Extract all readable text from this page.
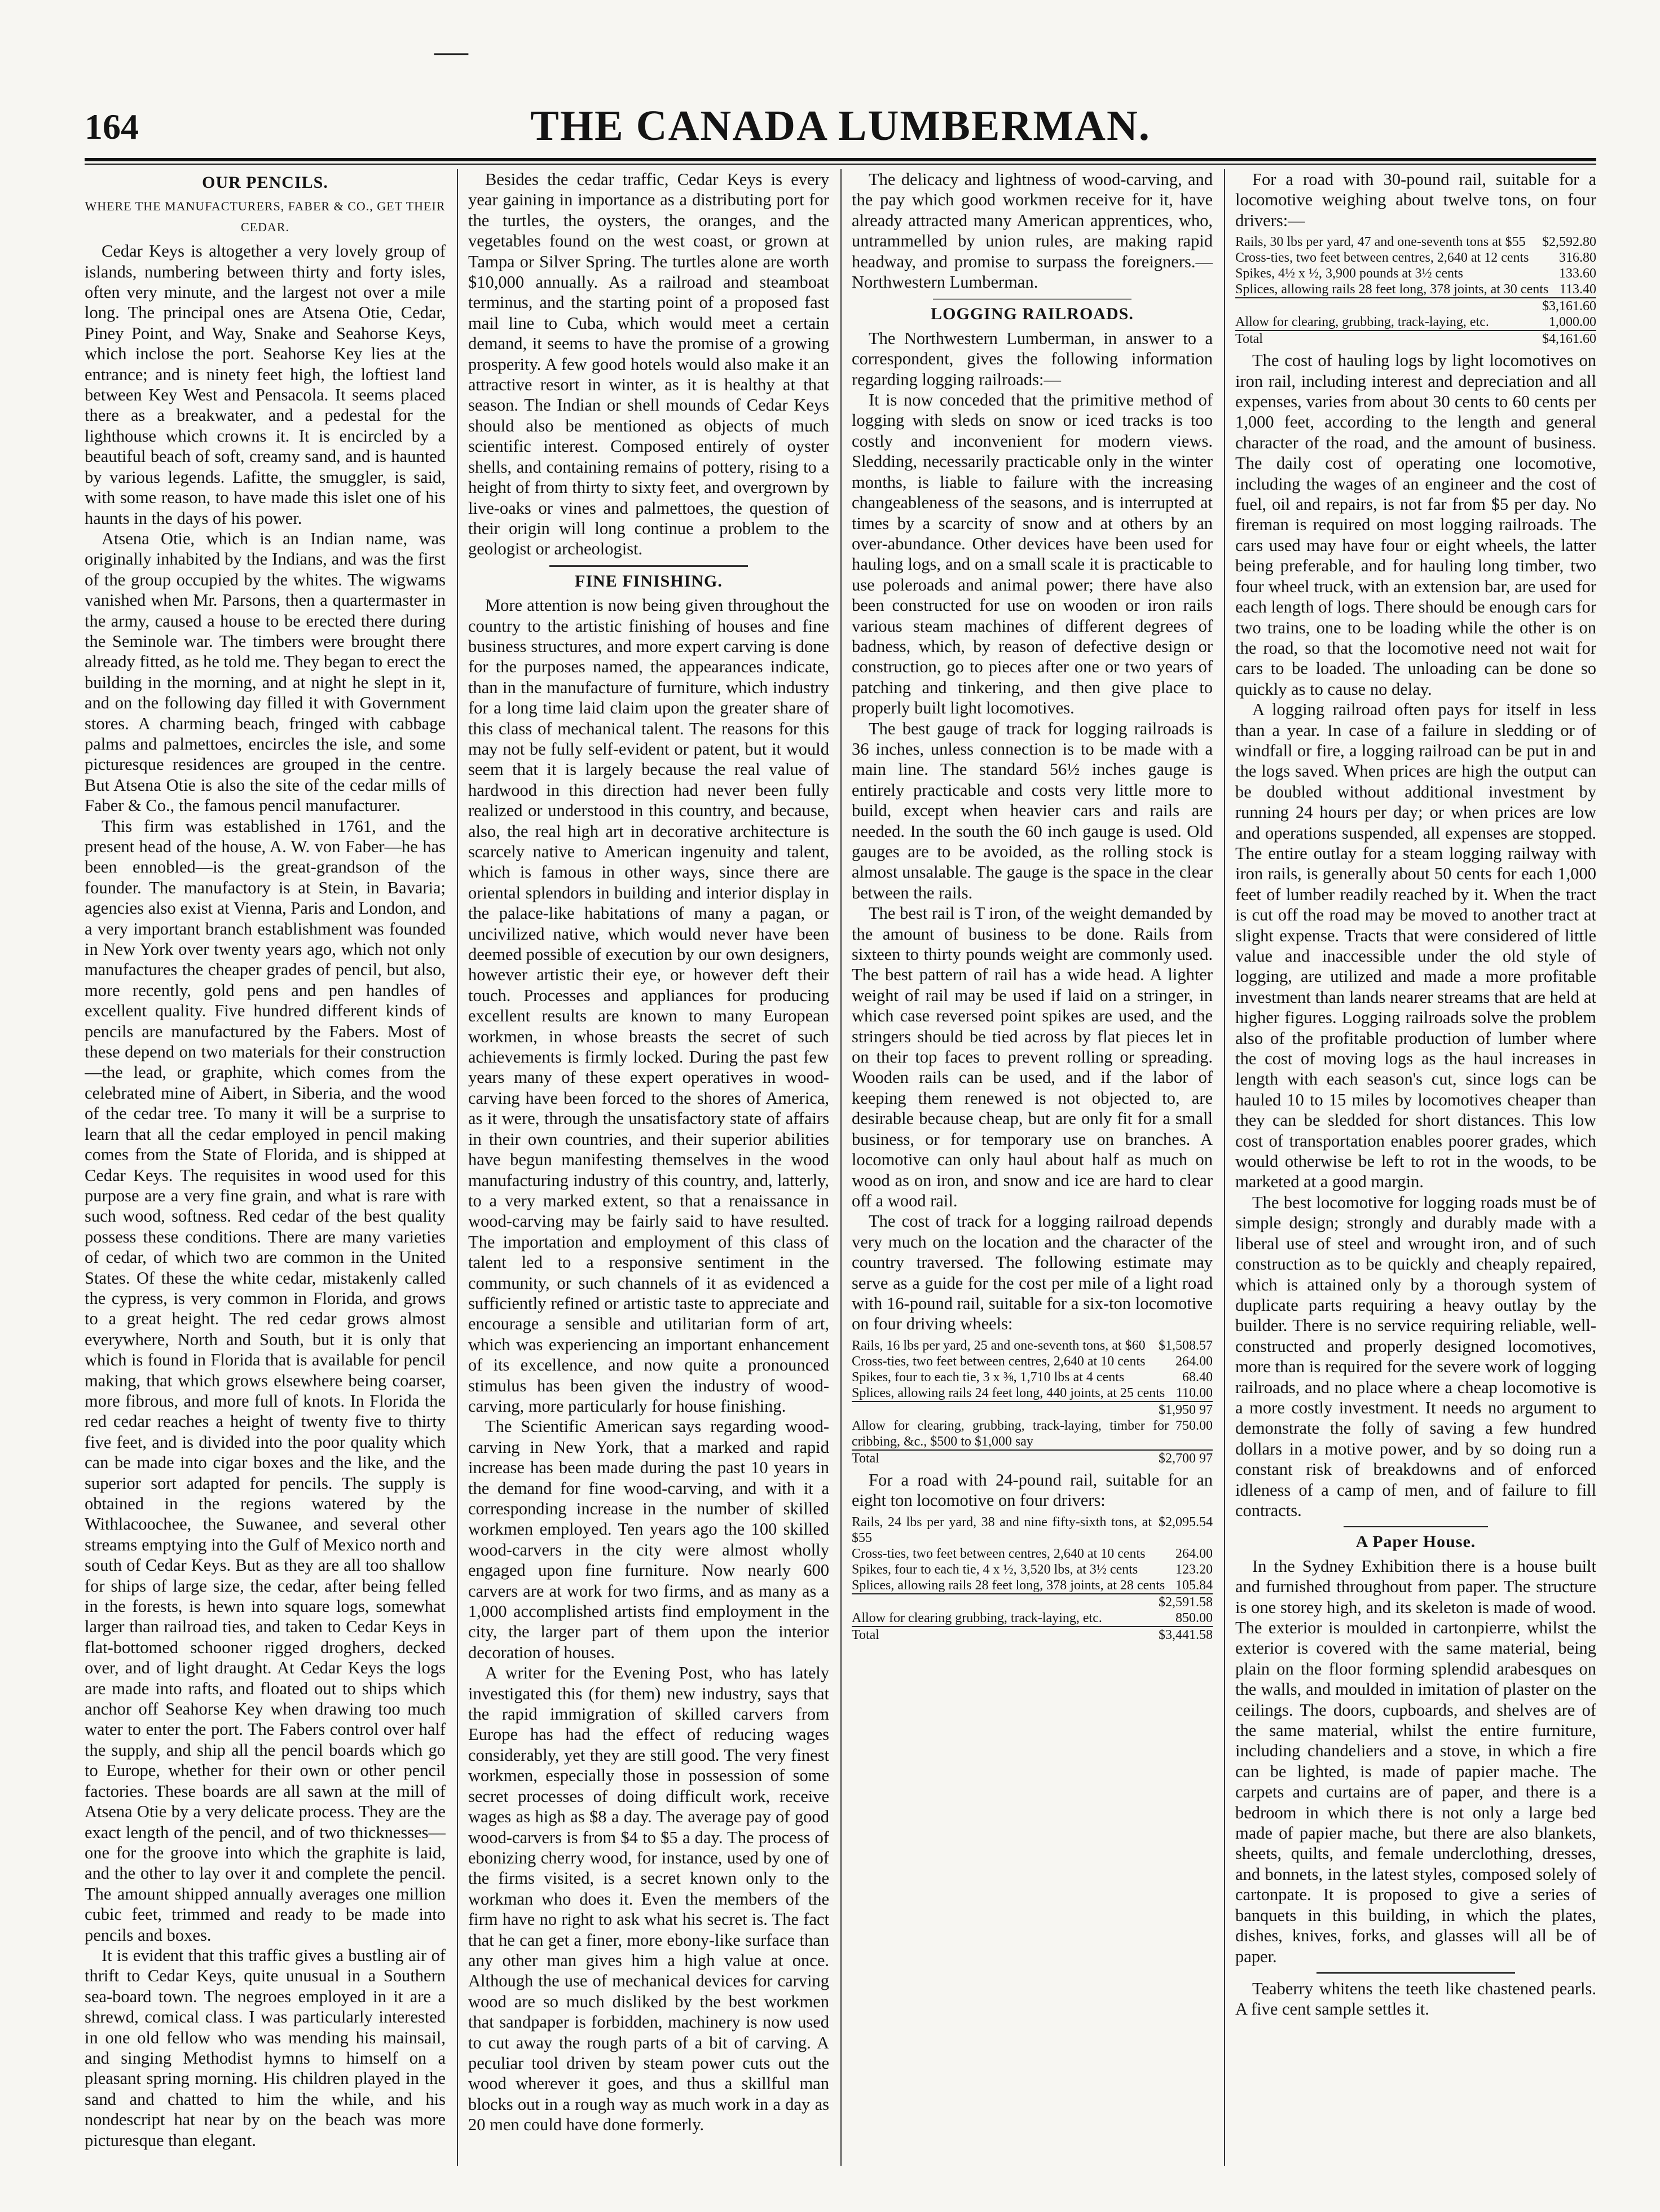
—
164	THE CANADA LUMBERMAN.
OUR PENCILS.

WHERE THE MANUFACTURERS, FABER & CO., GET THEIR CEDAR.

Cedar Keys is altogether a very lovely group of islands, numbering between thirty and forty isles, often very minute, and the largest not over a mile long. The principal ones are Atsena Otie, Cedar, Piney Point, and Way, Snake and Seahorse Keys, which inclose the port. Seahorse Key lies at the entrance; and is ninety feet high, the loftiest land between Key West and Pensacola. It seems placed there as a breakwater, and a pedestal for the lighthouse which crowns it. It is encircled by a beautiful beach of soft, creamy sand, and is haunted by various legends. Lafitte, the smuggler, is said, with some reason, to have made this islet one of his haunts in the days of his power.

Atsena Otie, which is an Indian name, was originally inhabited by the Indians, and was the first of the group occupied by the whites. The wigwams vanished when Mr. Parsons, then a quartermaster in the army, caused a house to be erected there during the Seminole war. The timbers were brought there already fitted, as he told me. They began to erect the building in the morning, and at night he slept in it, and on the following day filled it with Government stores. A charming beach, fringed with cabbage palms and palmettoes, encircles the isle, and some picturesque residences are grouped in the centre. But Atsena Otie is also the site of the cedar mills of Faber & Co., the famous pencil manufacturer.

This firm was established in 1761, and the present head of the house, A. W. von Faber—he has been ennobled—is the great-grandson of the founder. The manufactory is at Stein, in Bavaria; agencies also exist at Vienna, Paris and London, and a very important branch establishment was founded in New York over twenty years ago, which not only manufactures the cheaper grades of pencil, but also, more recently, gold pens and pen handles of excellent quality. Five hundred different kinds of pencils are manufactured by the Fabers. Most of these depend on two materials for their construction—the lead, or graphite, which comes from the celebrated mine of Aibert, in Siberia, and the wood of the cedar tree. To many it will be a surprise to learn that all the cedar employed in pencil making comes from the State of Florida, and is shipped at Cedar Keys. The requisites in wood used for this purpose are a very fine grain, and what is rare with such wood, softness. Red cedar of the best quality possess these conditions. There are many varieties of cedar, of which two are common in the United States. Of these the white cedar, mistakenly called the cypress, is very common in Florida, and grows to a great height. The red cedar grows almost everywhere, North and South, but it is only that which is found in Florida that is available for pencil making, that which grows elsewhere being coarser, more fibrous, and more full of knots. In Florida the red cedar reaches a height of twenty five to thirty five feet, and is divided into the poor quality which can be made into cigar boxes and the like, and the superior sort adapted for pencils. The supply is obtained in the regions watered by the Withlacoochee, the Suwanee, and several other streams emptying into the Gulf of Mexico north and south of Cedar Keys. But as they are all too shallow for ships of large size, the cedar, after being felled in the forests, is hewn into square logs, somewhat larger than railroad ties, and taken to Cedar Keys in flat-bottomed schooner rigged droghers, decked over, and of light draught. At Cedar Keys the logs are made into rafts, and floated out to ships which anchor off Seahorse Key when drawing too much water to enter the port. The Fabers control over half the supply, and ship all the pencil boards which go to Europe, whether for their own or other pencil factories. These boards are all sawn at the mill of Atsena Otie by a very delicate process. They are the exact length of the pencil, and of two thicknesses—one for the groove into which the graphite is laid, and the other to lay over it and complete the pencil. The amount shipped annually averages one million cubic feet, trimmed and ready to be made into pencils and boxes.

It is evident that this traffic gives a bustling air of thrift to Cedar Keys, quite unusual in a Southern sea-board town. The negroes employed in it are a shrewd, comical class. I was particularly interested in one old fellow who was mending his mainsail, and singing Methodist hymns to himself on a pleasant spring morning. His children played in the sand and chatted to him the while, and his nondescript hat near by on the beach was more picturesque than elegant.

Besides the cedar traffic, Cedar Keys is every year gaining in importance as a distributing port for the turtles, the oysters, the oranges, and the vegetables found on the west coast, or grown at Tampa or Silver Spring. The turtles alone are worth $10,000 annually. As a railroad and steamboat terminus, and the starting point of a proposed fast mail line to Cuba, which would meet a certain demand, it seems to have the promise of a growing prosperity. A few good hotels would also make it an attractive resort in winter, as it is healthy at that season. The Indian or shell mounds of Cedar Keys should also be mentioned as objects of much scientific interest. Composed entirely of oyster shells, and containing remains of pottery, rising to a height of from thirty to sixty feet, and overgrown by live-oaks or vines and palmettoes, the question of their origin will long continue a problem to the geologist or archeologist.

FINE FINISHING.

More attention is now being given throughout the country to the artistic finishing of houses and fine business structures, and more expert carving is done for the purposes named, the appearances indicate, than in the manufacture of furniture, which industry for a long time laid claim upon the greater share of this class of mechanical talent. The reasons for this may not be fully self-evident or patent, but it would seem that it is largely because the real value of hardwood in this direction had never been fully realized or understood in this country, and because, also, the real high art in decorative architecture is scarcely native to American ingenuity and talent, which is famous in other ways, since there are oriental splendors in building and interior display in the palace-like habitations of many a pagan, or uncivilized native, which would never have been deemed possible of execution by our own designers, however artistic their eye, or however deft their touch. Processes and appliances for producing excellent results are known to many European workmen, in whose breasts the secret of such achievements is firmly locked. During the past few years many of these expert operatives in wood-carving have been forced to the shores of America, as it were, through the unsatisfactory state of affairs in their own countries, and their superior abilities have begun manifesting themselves in the wood manufacturing industry of this country, and, latterly, to a very marked extent, so that a renaissance in wood-carving may be fairly said to have resulted. The importation and employment of this class of talent led to a responsive sentiment in the community, or such channels of it as evidenced a sufficiently refined or artistic taste to appreciate and encourage a sensible and utilitarian form of art, which was experiencing an important enhancement of its excellence, and now quite a pronounced stimulus has been given the industry of wood-carving, more particularly for house finishing.

The Scientific American says regarding wood-carving in New York, that a marked and rapid increase has been made during the past 10 years in the demand for fine wood-carving, and with it a corresponding increase in the number of skilled workmen employed. Ten years ago the 100 skilled wood-carvers in the city were almost wholly engaged upon fine furniture. Now nearly 600 carvers are at work for two firms, and as many as a 1,000 accomplished artists find employment in the city, the larger part of them upon the interior decoration of houses.

A writer for the Evening Post, who has lately investigated this (for them) new industry, says that the rapid immigration of skilled carvers from Europe has had the effect of reducing wages considerably, yet they are still good. The very finest workmen, especially those in possession of some secret processes of doing difficult work, receive wages as high as $8 a day. The average pay of good wood-carvers is from $4 to $5 a day. The process of ebonizing cherry wood, for instance, used by one of the firms visited, is a secret known only to the workman who does it. Even the members of the firm have no right to ask what his secret is. The fact that he can get a finer, more ebony-like surface than any other man gives him a high value at once. Although the use of mechanical devices for carving wood are so much disliked by the best workmen that sandpaper is forbidden, machinery is now used to cut away the rough parts of a bit of carving. A peculiar tool driven by steam power cuts out the wood wherever it goes, and thus a skillful man blocks out in a rough way as much work in a day as 20 men could have done formerly.

The delicacy and lightness of wood-carving, and the pay which good workmen receive for it, have already attracted many American apprentices, who, untrammelled by union rules, are making rapid headway, and promise to surpass the foreigners.—Northwestern Lumberman.

LOGGING RAILROADS.

The Northwestern Lumberman, in answer to a correspondent, gives the following information regarding logging railroads:—

It is now conceded that the primitive method of logging with sleds on snow or iced tracks is too costly and inconvenient for modern views. Sledding, necessarily practicable only in the winter months, is liable to failure with the increasing changeableness of the seasons, and is interrupted at times by a scarcity of snow and at others by an over-abundance. Other devices have been used for hauling logs, and on a small scale it is practicable to use poleroads and animal power; there have also been constructed for use on wooden or iron rails various steam machines of different degrees of badness, which, by reason of defective design or construction, go to pieces after one or two years of patching and tinkering, and then give place to properly built light locomotives.

The best gauge of track for logging railroads is 36 inches, unless connection is to be made with a main line. The standard 56½ inches gauge is entirely practicable and costs very little more to build, except when heavier cars and rails are needed. In the south the 60 inch gauge is used. Old gauges are to be avoided, as the rolling stock is almost unsalable. The gauge is the space in the clear between the rails.

The best rail is T iron, of the weight demanded by the amount of business to be done. Rails from sixteen to thirty pounds weight are commonly used. The best pattern of rail has a wide head. A lighter weight of rail may be used if laid on a stringer, in which case reversed point spikes are used, and the stringers should be tied across by flat pieces let in on their top faces to prevent rolling or spreading. Wooden rails can be used, and if the labor of keeping them renewed is not objected to, are desirable because cheap, but are only fit for a small business, or for temporary use on branches. A locomotive can only haul about half as much on wood as on iron, and snow and ice are hard to clear off a wood rail.

The cost of track for a logging railroad depends very much on the location and the character of the country traversed. The following estimate may serve as a guide for the cost per mile of a light road with 16-pound rail, suitable for a six-ton locomotive on four driving wheels:

Rails, 16 lbs per yard, 25 and one-seventh tons, at $60 $1,508.57
Cross-ties, two feet between centres, 2,640 at 10 cents	264.00
Spikes, four to each tie, 3 x ⅜, 1,710 lbs at 4 cents	68.40
Splices, allowing rails 24 feet long, 440 joints, at 25 cents 110.00
$1,950 97
Allow for clearing, grubbing, track-laying, timber for cribbing, &c., $500 to $1,000 say
750.00
Total	$2,700 97

For a road with 24-pound rail, suitable for an eight ton locomotive on four drivers:

Rails, 24 lbs per yard, 38 and nine fifty-sixth tons, at $55
$2,095.54
Cross-ties, two feet between centres, 2,640 at 10 cents	264.00
Spikes, four to each tie, 4 x ½, 3,520 lbs, at 3½ cents	123.20
Splices, allowing rails 28 feet long, 378 joints, at 28 cents 105.84
$2,591.58
Allow for clearing grubbing, track-laying, etc.	850.00
Total	$3,441.58

For a road with 30-pound rail, suitable for a locomotive weighing about twelve tons, on four drivers:—

Rails, 30 lbs per yard, 47 and one-seventh tons at $55	$2,592.80
Cross-ties, two feet between centres, 2,640 at 12 cents	316.80
Spikes, 4½ x ½, 3,900 pounds at 3½ cents	133.60
Splices, allowing rails 28 feet long, 378 joints, at 30 cents 113.40
$3,161.60
Allow for clearing, grubbing, track-laying, etc.	1,000.00
Total	$4,161.60

The cost of hauling logs by light locomotives on iron rail, including interest and depreciation and all expenses, varies from about 30 cents to 60 cents per 1,000 feet, according to the length and general character of the road, and the amount of business. The daily cost of operating one locomotive, including the wages of an engineer and the cost of fuel, oil and repairs, is not far from $5 per day. No fireman is required on most logging railroads. The cars used may have four or eight wheels, the latter being preferable, and for hauling long timber, two four wheel truck, with an extension bar, are used for each length of logs. There should be enough cars for two trains, one to be loading while the other is on the road, so that the locomotive need not wait for cars to be loaded. The unloading can be done so quickly as to cause no delay.

A logging railroad often pays for itself in less than a year. In case of a failure in sledding or of windfall or fire, a logging railroad can be put in and the logs saved. When prices are high the output can be doubled without additional investment by running 24 hours per day; or when prices are low and operations suspended, all expenses are stopped. The entire outlay for a steam logging railway with iron rails, is generally about 50 cents for each 1,000 feet of lumber readily reached by it. When the tract is cut off the road may be moved to another tract at slight expense. Tracts that were considered of little value and inaccessible under the old style of logging, are utilized and made a more profitable investment than lands nearer streams that are held at higher figures. Logging railroads solve the problem also of the profitable production of lumber where the cost of moving logs as the haul increases in length with each season's cut, since logs can be hauled 10 to 15 miles by locomotives cheaper than they can be sledded for short distances. This low cost of transportation enables poorer grades, which would otherwise be left to rot in the woods, to be marketed at a good margin.

The best locomotive for logging roads must be of simple design; strongly and durably made with a liberal use of steel and wrought iron, and of such construction as to be quickly and cheaply repaired, which is attained only by a thorough system of duplicate parts requiring a heavy outlay by the builder. There is no service requiring reliable, well-constructed and properly designed locomotives, more than is required for the severe work of logging railroads, and no place where a cheap locomotive is a more costly investment. It needs no argument to demonstrate the folly of saving a few hundred dollars in a motive power, and by so doing run a constant risk of breakdowns and of enforced idleness of a camp of men, and of failure to fill contracts.

A Paper House.

In the Sydney Exhibition there is a house built and furnished throughout from paper. The structure is one storey high, and its skeleton is made of wood. The exterior is moulded in cartonpierre, whilst the exterior is covered with the same material, being plain on the floor forming splendid arabesques on the walls, and moulded in imitation of plaster on the ceilings. The doors, cupboards, and shelves are of the same material, whilst the entire furniture, including chandeliers and a stove, in which a fire can be lighted, is made of papier mache. The carpets and curtains are of paper, and there is a bedroom in which there is not only a large bed made of papier mache, but there are also blankets, sheets, quilts, and female underclothing, dresses, and bonnets, in the latest styles, composed solely of cartonpate. It is proposed to give a series of banquets in this building, in which the plates, dishes, knives, forks, and glasses will all be of paper.

Teaberry whitens the teeth like chastened pearls. A five cent sample settles it.
